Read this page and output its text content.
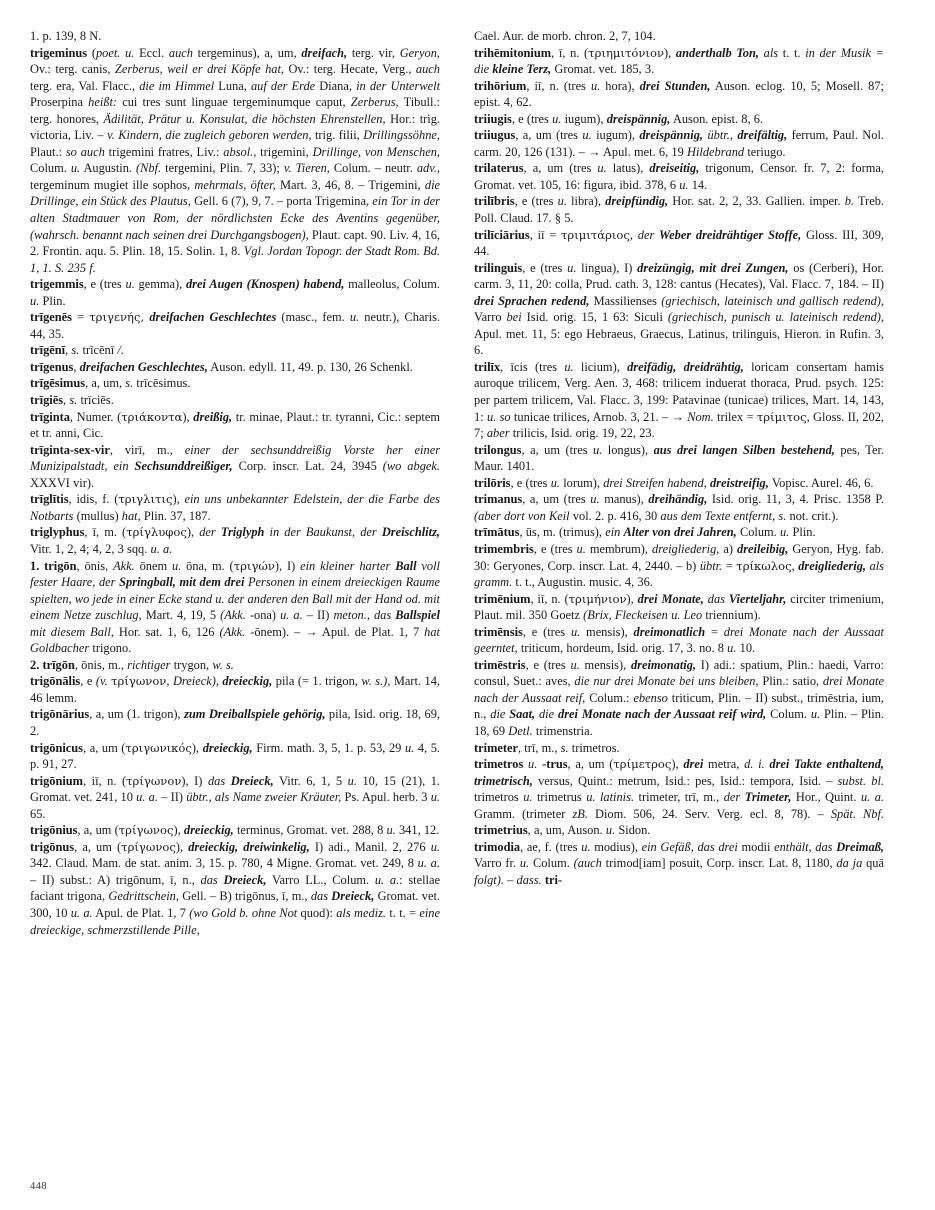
1. p. 139, 8 N.

trigeminus (poet. u. Eccl. auch tergeminus), a, um, dreifach, terg. vir, Geryon, Ov.: terg. canis, Zerberus, weil er drei Köpfe hat, Ov.: terg. Hecate, Verg., auch terg. era, Val. Flacc., die im Himmel Luna, auf der Erde Diana, in der Unterwelt Proserpina heißt: cui tres sunt linguae tergeminumque caput, Zerberus, Tibull.: terg. honores, Ädilität, Prätur u. Konsulat, die höchsten Ehrenstellen, Hor.: trig. victoria, Liv. – v. Kindern, die zugleich geboren werden, trig. filii, Drillingssöhne, Plaut.: so auch trigemini fratres, Liv.: absol., trigemini, Drillinge, von Menschen, Colum. u. Augustin. (Nbf. tergemini, Plin. 7, 33); v. Tieren, Colum. – neutr. adv., tergeminum mugiet ille sophos, mehrmals, öfter, Mart. 3, 46, 8. – Trigemini, die Drillinge, ein Stück des Plautus, Gell. 6 (7), 9, 7. – porta Trigemina, ein Tor in der alten Stadtmauer von Rom, der nördlichsten Ecke des Aventins gegenüber, (wahrsch. benannt nach seinen drei Durchgangsbogen), Plaut. capt. 90. Liv. 4, 16, 2. Frontin. aqu. 5. Plin. 18, 15. Solin. 1, 8. Vgl. Jordan Topogr. der Stadt Rom. Bd. 1, 1. S. 235 f.

trigemmis, e (tres u. gemma), drei Augen (Knospen) habend, malleolus, Colum. u. Plin.

trīgenēs = τριγενής, dreifachen Geschlechtes (masc., fem. u. neutr.), Charis. 44, 35.

trīgēnī, s. trīcēnī /.

trīgenus, dreifachen Geschlechtes, Auson. edyll. 11, 49. p. 130, 26 Schenkl.

trīgēsimus, a, um, s. trīcēsimus.

trīgiēs, s. trīciēs.

trīginta, Numer. (τριάκοντα), dreißig, tr. minae, Plaut.: tr. tyranni, Cic.: septem et tr. anni, Cic.

trīginta-sex-vir, virī, m., einer der sechsunddreißig Vorste her einer Munizipalstadt, ein Sechsunddreißiger, Corp. inscr. Lat. 24, 3945 (wo abgek. XXXVI vir).

trīglītis, idis, f. (τριγλιτις), ein uns unbekannter Edelstein, der die Farbe des Notbarts (mullus) hat, Plin. 37, 187.

triglyphus, ī, m. (τρίγλυφος), der Triglyph in der Baukunst, der Dreischlitz, Vitr. 1, 2, 4; 4, 2, 3 sqq. u. a.

1. trigōn, ōnis, Akk. ōnem u. ōna, m. (τριγών), I) ein kleiner harter Ball voll fester Haare, der Springball, mit dem drei Personen in einem dreieckigen Raume spielten, wo jede in einer Ecke stand u. der anderen den Ball mit der Hand od. mit einem Netze zuschlug, Mart. 4, 19, 5 (Akk. -ona) u. a. – II) meton., das Ballspiel mit diesem Ball, Hor. sat. 1, 6, 126 (Akk. -ōnem). – → Apul. de Plat. 1, 7 hat Goldbacher trigono.

2. trīgōn, ōnis, m., richtiger trygon, w. s.

trigōnālis, e (v. τρίγωνον, Dreieck), dreieckig, pila (= 1. trigon, w. s.), Mart. 14, 46 lemm.

trigōnārius, a, um (1. trigon), zum Dreiballspiele gehörig, pila, Isid. orig. 18, 69, 2.

trigōnicus, a, um (τριγωνικός), dreieckig, Firm. math. 3, 5, 1. p. 53, 29 u. 4, 5. p. 91, 27.

trigōnium, iī, n. (τρίγωνον), I) das Dreieck, Vitr. 6, 1, 5 u. 10, 15 (21), 1. Gromat. vet. 241, 10 u. a. – II) übtr., als Name zweier Kräuter, Ps. Apul. herb. 3 u. 65.

trigōnius, a, um (τρίγωνος), dreieckig, terminus, Gromat. vet. 288, 8 u. 341, 12.

trigōnus, a, um (τρίγωνος), dreieckig, dreiwinkelig, I) adi., Manil. 2, 276 u. 342. Claud. Mam. de stat. anim. 3, 15. p. 780, 4 Migne. Gromat. vet. 249, 8 u. a. – II) subst.: A) trigōnum, ī, n., das Dreieck, Varro LL., Colum. u. a.: stellae faciant trigona, Gedrittschein, Gell. – B) trigōnus, ī, m., das Dreieck, Gromat. vet. 300, 10 u. a. Apul. de Plat. 1, 7 (wo Gold b. ohne Not quod): als mediz. t. t. = eine dreieckige, schmerzstillende Pille,

Cael. Aur. de morb. chron. 2, 7, 104.

trihēmitonium, ī, n. (τριημιτόνιον), anderthalb Ton, als t. t. in der Musik = die kleine Terz, Gromat. vet. 185, 3.

trihōrium, iī, n. (tres u. hora), drei Stunden, Auson. eclog. 10, 5; Mosell. 87; epist. 4, 62.

triiugis, e (tres u. iugum), dreispännig, Auson. epist. 8, 6.

triiugus, a, um (tres u. iugum), dreispännig, übtr., dreifältig, ferrum, Paul. Nol. carm. 20, 126 (131). – → Apul. met. 6, 19 Hildebrand teriugo.

trilaterus, a, um (tres u. latus), dreiseitig, trigonum, Censor. fr. 7, 2: forma, Gromat. vet. 105, 16: figura, ibid. 378, 6 u. 14.

trilībris, e (tres u. libra), dreipfündig, Hor. sat. 2, 2, 33. Gallien. imper. b. Treb. Poll. Claud. 17. § 5.

trilīciārius, iī = τριμιτάριος, der Weber dreidrähtiger Stoffe, Gloss. III, 309, 44.

trilinguis, e (tres u. lingua), I) dreizüngig, mit drei Zungen, os (Cerberi), Hor. carm. 3, 11, 20: colla, Prud. cath. 3, 128: cantus (Hecates), Val. Flacc. 7, 184. – II) drei Sprachen redend, Massilienses (griechisch, lateinisch und gallisch redend), Varro bei Isid. orig. 15, 1 63: Siculi (griechisch, punisch u. lateinisch redend), Apul. met. 11, 5: ego Hebraeus, Graecus, Latinus, trilinguis, Hieron. in Rufin. 3, 6.

trilīx, īcis (tres u. licium), dreifädig, dreidrähtig, loricam consertam hamis auroque trilicem, Verg. Aen. 3, 468: trilicem induerat thoraca, Prud. psych. 125: per partem trilicem, Val. Flacc. 3, 199: Patavinae (tunicae) trilices, Mart. 14, 143, 1: u. so tunicae trilices, Arnob. 3, 21. – → Nom. trilex = τρίμιτος, Gloss. II, 202, 7; aber trilicis, Isid. orig. 19, 22, 23.

trilongus, a, um (tres u. longus), aus drei langen Silben bestehend, pes, Ter. Maur. 1401.

trilōris, e (tres u. lorum), drei Streifen habend, dreistreifig, Vopisc. Aurel. 46, 6.

trimanus, a, um (tres u. manus), dreihändig, Isid. orig. 11, 3, 4. Prisc. 1358 P. (aber dort von Keil vol. 2. p. 416, 30 aus dem Texte entfernt, s. not. crit.).

trīmātus, ūs, m. (trimus), ein Alter von drei Jahren, Colum. u. Plin.

trimembris, e (tres u. membrum), dreigliederig, a) dreileibig, Geryon, Hyg. fab. 30: Geryones, Corp. inscr. Lat. 4, 2440. – b) übtr. = τρίκωλος, dreigliederig, als gramm. t. t., Augustin. music. 4, 36.

trimēnium, iī, n. (τριμήνιον), drei Monate, das Vierteljahr, circiter trimenium, Plaut. mil. 350 Goetz (Brix, Fleckeisen u. Leo triennium).

trimēnsis, e (tres u. mensis), dreimonatlich = drei Monate nach der Aussaat geerntet, triticum, hordeum, Isid. orig. 17, 3. no. 8 u. 10.

trimēstris, e (tres u. mensis), dreimonatig, I) adi.: spatium, Plin.: haedi, Varro: consul, Suet.: aves, die nur drei Monate bei uns bleiben, Plin.: satio, drei Monate nach der Aussaat reif, Colum.: ebenso triticum, Plin. – II) subst., trimēstria, ium, n., die Saat, die drei Monate nach der Aussaat reif wird, Colum. u. Plin. – Plin. 18, 69 Detl. trimenstria.

trimeter, trī, m., s. trimetros.

trimetros u. -trus, a, um (τρίμετρος), drei metra, d. i. drei Takte enthaltend, trimetrisch, versus, Quint.: metrum, Isid.: pes, Isid.: tempora, Isid. – subst. bl. trimetros u. trimetrus u. latinis. trimeter, trī, m., der Trimeter, Hor., Quint. u. a. Gramm. (trimeter zB. Diom. 506, 24. Serv. Verg. ecl. 8, 78). – Spät. Nbf. trimetrius, a, um, Auson. u. Sidon.

trimodia, ae, f. (tres u. modius), ein Gefäß, das drei modii enthält, das Dreimaß, Varro fr. u. Colum. (auch trimod[iam] posuit, Corp. inscr. Lat. 8, 1180, da ja quā folgt). – dass. tri-

448
